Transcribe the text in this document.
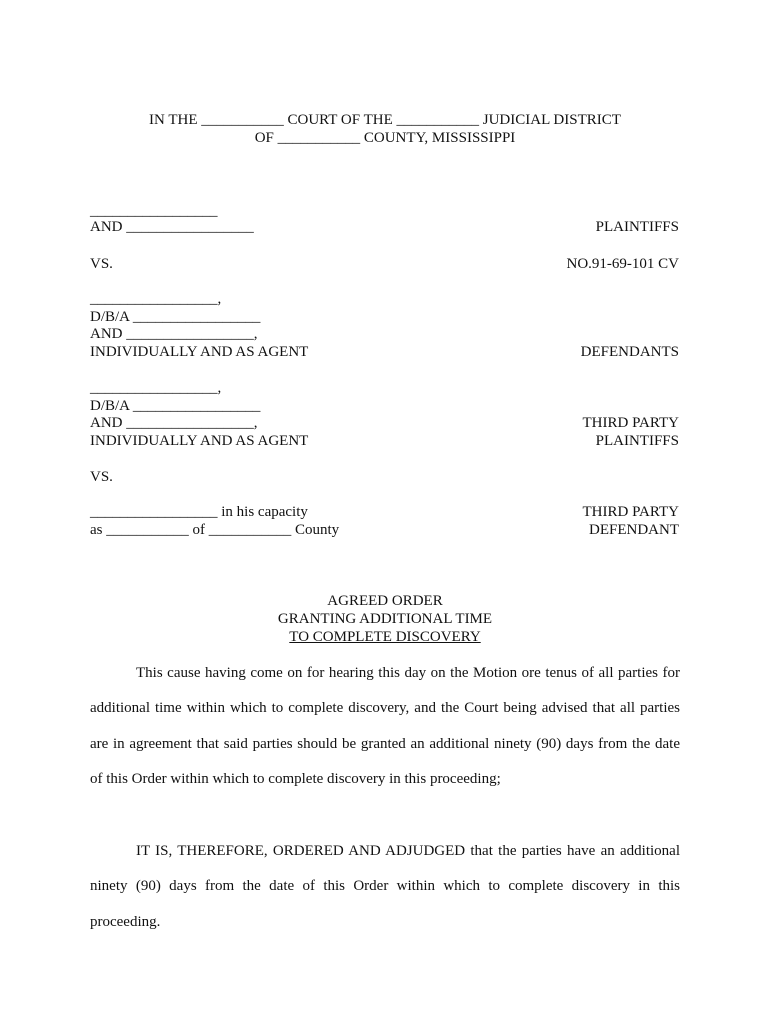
IN THE ___________ COURT OF THE ___________ JUDICIAL DISTRICT
OF ___________ COUNTY, MISSISSIPPI
_________________
AND _________________	PLAINTIFFS
VS.	NO.91-69-101 CV
_________________,
D/B/A _________________
AND _________________,
INDIVIDUALLY AND AS AGENT	DEFENDANTS
_________________,
D/B/A _________________
AND _________________,	THIRD PARTY
INDIVIDUALLY AND AS AGENT	PLAINTIFFS
VS.
_________________ in his capacity	THIRD PARTY
as ___________ of ___________ County	DEFENDANT
AGREED ORDER
GRANTING ADDITIONAL TIME
TO COMPLETE DISCOVERY
This cause having come on for hearing this day on the Motion ore tenus of all parties for
additional time within which to complete discovery, and the Court being advised that all parties
are in agreement that said parties should be granted an additional ninety (90) days from the date
of this Order within which to complete discovery in this proceeding;
IT IS, THEREFORE, ORDERED AND ADJUDGED that the parties have an additional
ninety (90) days from the date of this Order within which to complete discovery in this
proceeding.
